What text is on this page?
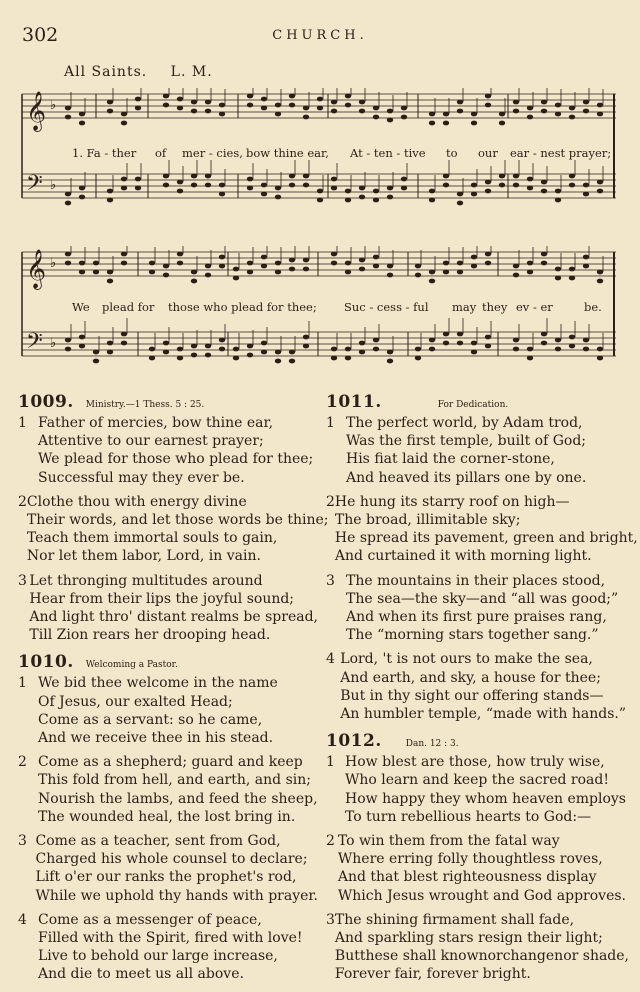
302	CHURCH.
All Saints. L. M.
𝄞 ♭
𝄢 ♭
1. Fa - ther of mer - cies, bow thine ear, At - ten - tive to our ear - nest prayer;
𝄞 ♭
𝄢 ♭
We plead for those who plead for thee; Suc - cess - ful may they ev - er	be.
1009. Ministry.—1 Thess. 5 : 25.
1 Father of mercies, bow thine ear,
Attentive to our earnest prayer;
We plead for those who plead for thee;
Successful may they ever be.
2 Clothe thou with energy divine
Their words, and let those words be thine;
Teach them immortal souls to gain,
Nor let them labor, Lord, in vain.
3 Let thronging multitudes around
Hear from their lips the joyful sound;
And light thro' distant realms be spread,
Till Zion rears her drooping head.
1010. Welcoming a Pastor.
1 We bid thee welcome in the name
Of Jesus, our exalted Head;
Come as a servant: so he came,
And we receive thee in his stead.
2 Come as a shepherd; guard and keep
This fold from hell, and earth, and sin;
Nourish the lambs, and feed the sheep,
The wounded heal, the lost bring in.
3 Come as a teacher, sent from God,
Charged his whole counsel to declare;
Lift o'er our ranks the prophet's rod,
While we uphold thy hands with prayer.
4 Come as a messenger of peace,
Filled with the Spirit, fired with love!
Live to behold our large increase,
And die to meet us all above.
1011.	For Dedication.
1 The perfect world, by Adam trod,
Was the first temple, built of God;
His fiat laid the corner-stone,
And heaved its pillars one by one.
2 He hung its starry roof on high—
The broad, illimitable sky;
He spread its pavement, green and bright,
And curtained it with morning light.
3 The mountains in their places stood,
The sea—the sky—and “all was good;”
And when its first pure praises rang,
The “morning stars together sang.”
4 Lord, 't is not ours to make the sea,
And earth, and sky, a house for thee;
But in thy sight our offering stands—
An humbler temple, “made with hands.”
1012.	Dan. 12 : 3.
1 How blest are those, how truly wise,
Who learn and keep the sacred road!
How happy they whom heaven employs
To turn rebellious hearts to God:—
2 To win them from the fatal way
Where erring folly thoughtless roves,
And that blest righteousness display
Which Jesus wrought and God approves.
3 The shining firmament shall fade,
And sparkling stars resign their light;
Butthese shall knownorchangenor shade,
Forever fair, forever bright.
